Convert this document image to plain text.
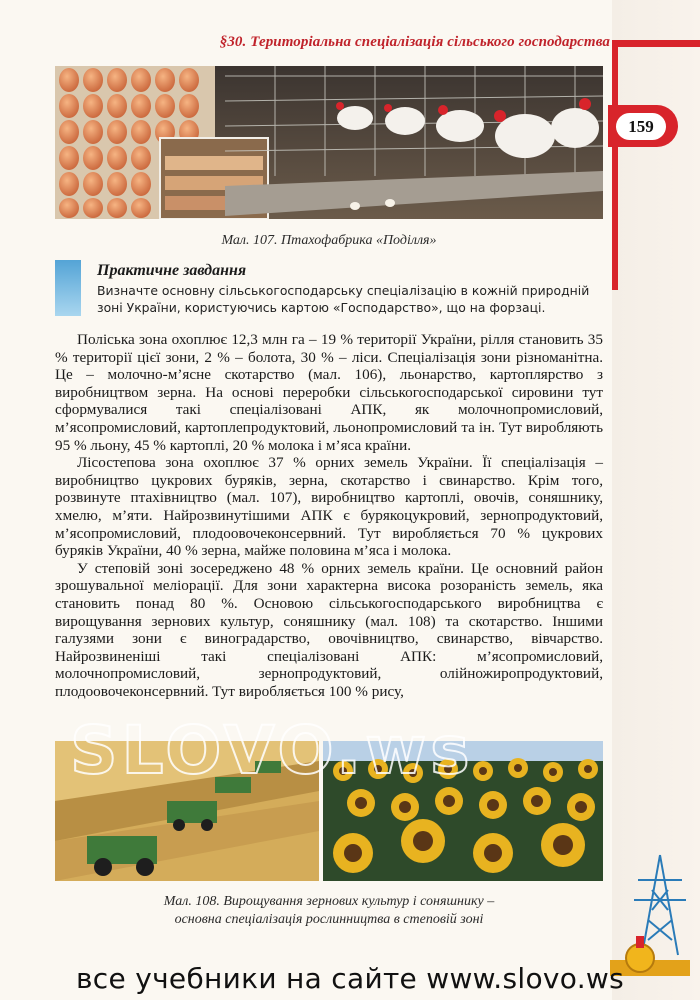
§30. Територіальна спеціалізація сільського господарства
159
Мал. 107. Птахофабрика «Поділля»
Практичне завдання
Визначте основну сільськогосподарську спеціалізацію в кожній природній зоні України, користуючись картою «Господарство», що на форзаці.

Поліська зона охоплює 12,3 млн га – 19 % території України, рілля становить 35 % території цієї зони, 2 % – болота, 30 % – ліси. Спеціалізація зони різноманітна. Це – молочно-м’ясне скотарство (мал. 106), льонарство, картоплярство з виробництвом зерна. На основі переробки сільськогосподарської сировини тут сформувалися такі спеціалізовані АПК, як молочнопромисловий, м’ясопромисловий, картоплепродуктовий, льонопромисловий та ін. Тут виробляють 95 % льону, 45 % картоплі, 20 % молока і м’яса країни.

Лісостепова зона охоплює 37 % орних земель України. Її спеціалізація – виробництво цукрових буряків, зерна, скотарство і свинарство. Крім того, розвинуте птахівництво (мал. 107), виробництво картоплі, овочів, соняшнику, хмелю, м’яти. Найрозвинутішими АПК є бурякоцукровий, зернопродуктовий, м’ясопромисловий, плодоовочеконсервний. Тут виробляється 70 % цукрових буряків України, 40 % зерна, майже половина м’яса і молока.

У степовій зоні зосереджено 48 % орних земель країни. Це основний район зрошувальної меліорації. Для зони характерна висока розораність земель, яка становить понад 80 %. Основою сільськогосподарського виробництва є вирощування зернових культур, соняшнику (мал. 108) та скотарство. Іншими галузями зони є виноградарство, овочівництво, свинарство, вівчарство. Найрозвиненіші такі спеціалізовані АПК: м’ясопромисловий, молочнопромисловий, зернопродуктовий, олійножиропродуктовий, плодоовочеконсервний. Тут виробляється 100 % рису,

SLOVO.ws
Мал. 108. Вирощування зернових культур і соняшнику –
основна спеціалізація рослинництва в степовій зоні
все учебники на сайте www.slovo.ws
